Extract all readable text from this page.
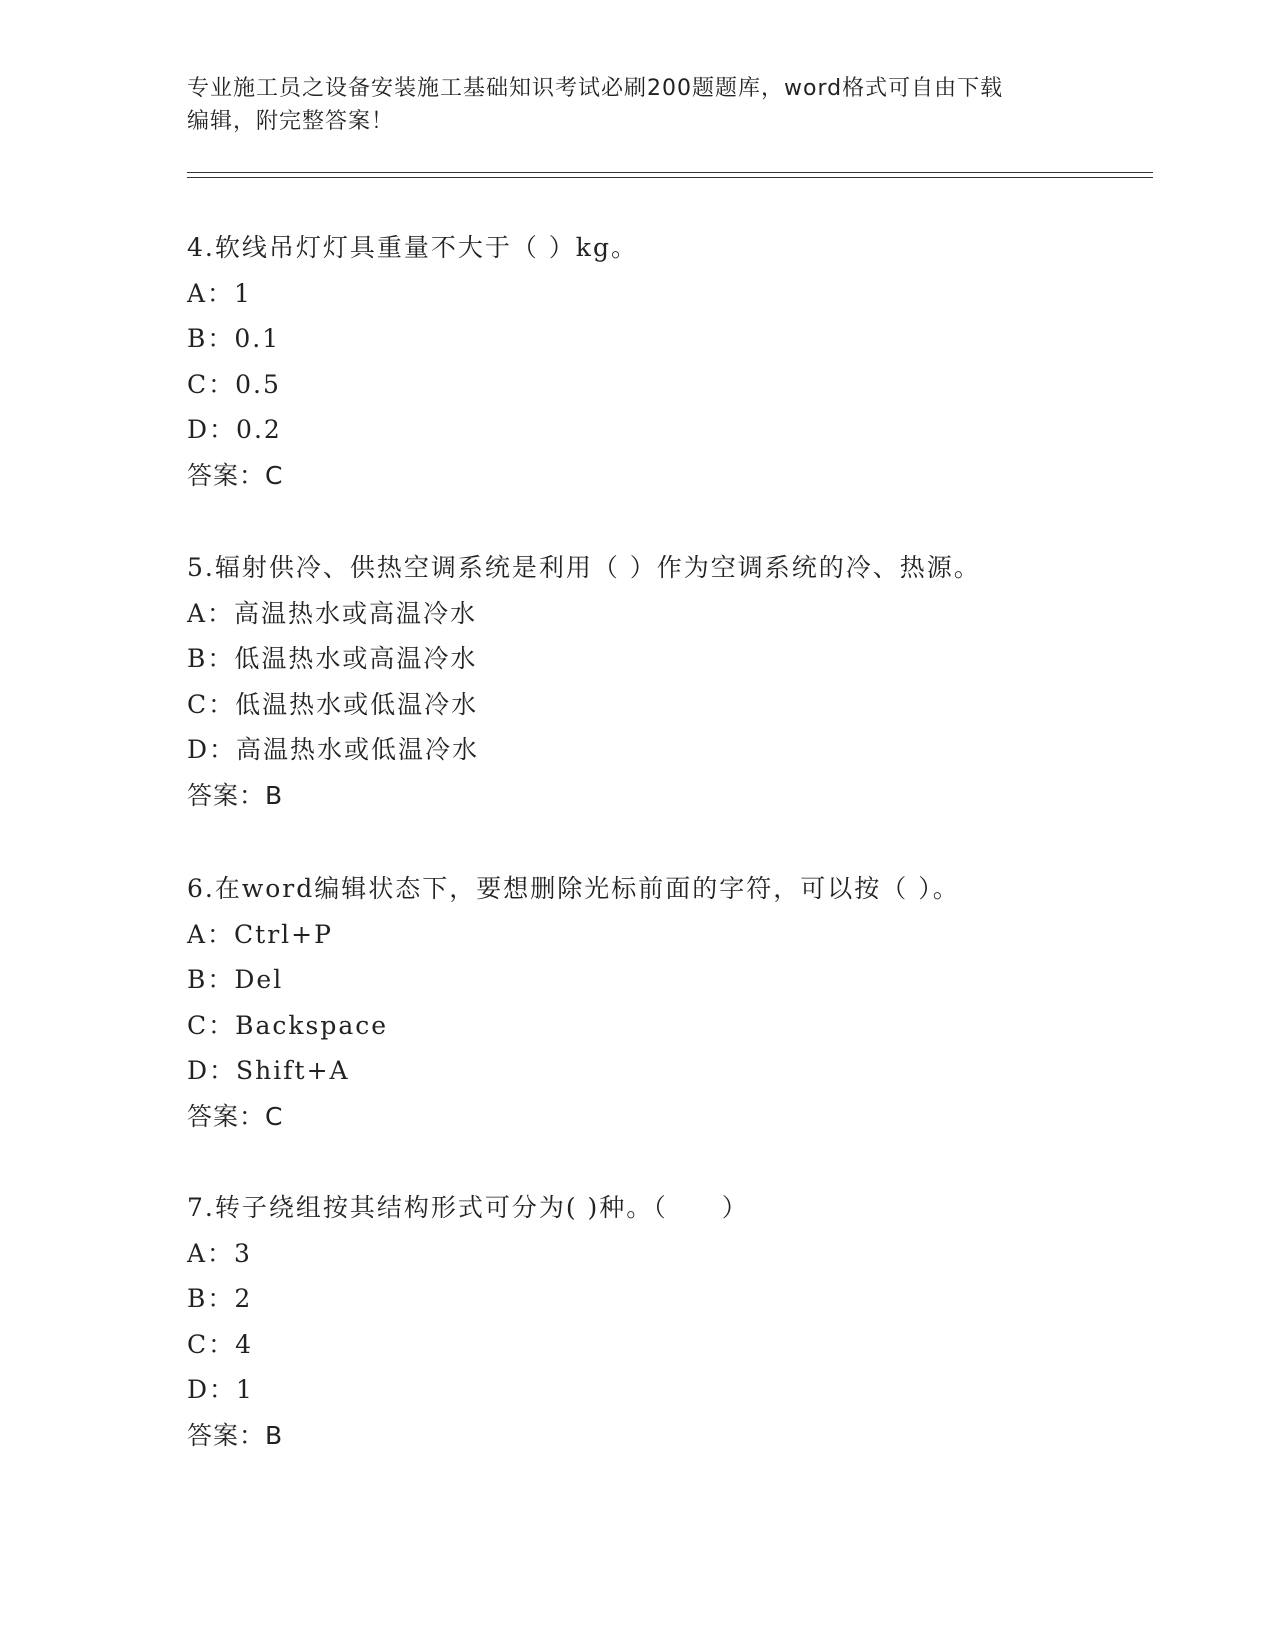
专业施工员之设备安装施工基础知识考试必刷200题题库，word格式可自由下载
编辑，附完整答案！
4.软线吊灯灯具重量不大于（ ）kg。
A：1
B：0.1
C：0.5
D：0.2
答案：C
5.辐射供冷、供热空调系统是利用（ ）作为空调系统的冷、热源。
A：高温热水或高温冷水
B：低温热水或高温冷水
C：低温热水或低温冷水
D：高温热水或低温冷水
答案：B
6.在word编辑状态下，要想删除光标前面的字符，可以按（ ）。
A：Ctrl+P
B：Del
C：Backspace
D：Shift+A
答案：C
7.转子绕组按其结构形式可分为( )种。（　　）
A：3
B：2
C：4
D：1
答案：B
